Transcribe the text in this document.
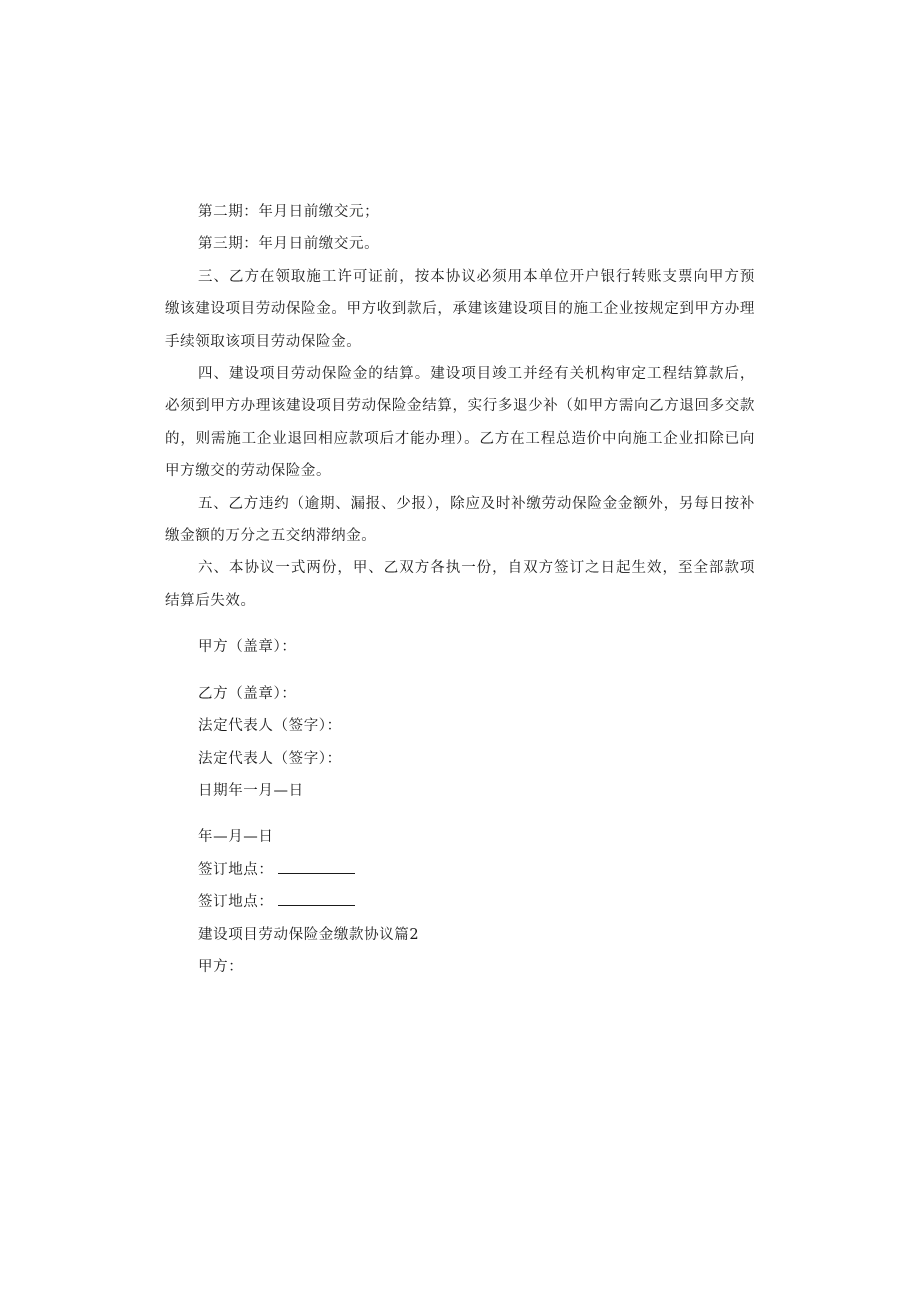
第二期：年月日前缴交元；

第三期：年月日前缴交元。

三、乙方在领取施工许可证前，按本协议必须用本单位开户银行转账支票向甲方预缴该建设项目劳动保险金。甲方收到款后，承建该建设项目的施工企业按规定到甲方办理手续领取该项目劳动保险金。

四、建设项目劳动保险金的结算。建设项目竣工并经有关机构审定工程结算款后，必须到甲方办理该建设项目劳动保险金结算，实行多退少补（如甲方需向乙方退回多交款的，则需施工企业退回相应款项后才能办理）。乙方在工程总造价中向施工企业扣除已向甲方缴交的劳动保险金。

五、乙方违约（逾期、漏报、少报），除应及时补缴劳动保险金金额外，另每日按补缴金额的万分之五交纳滞纳金。

六、本协议一式两份，甲、乙双方各执一份，自双方签订之日起生效，至全部款项结算后失效。

甲方（盖章）：

乙方（盖章）：

法定代表人（签字）：

法定代表人（签字）：

日期年一月—日

年—月—日

签订地点：

签订地点：

建设项目劳动保险金缴款协议篇2

甲方：
